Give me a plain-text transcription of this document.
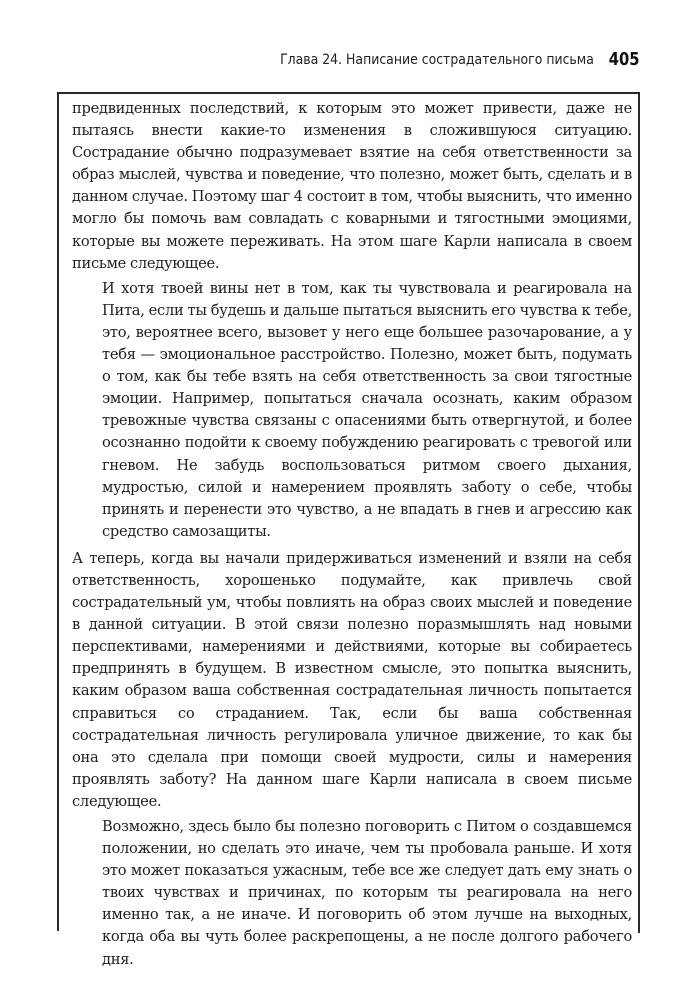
Глава 24. Написание сострадательного письма 405

предвиденных последствий, к которым это может привести, даже не пытаясь внести какие-то изменения в сложившуюся ситуацию. Сострадание обычно подразумевает взятие на себя ответственности за образ мыслей, чувства и поведение, что полезно, может быть, сделать и в данном случае. Поэтому шаг 4 состоит в том, чтобы выяснить, что именно могло бы помочь вам совладать с коварными и тягостными эмоциями, которые вы можете переживать. На этом шаге Карли написала в своем письме следующее.

И хотя твоей вины нет в том, как ты чувствовала и реагировала на Пита, если ты будешь и дальше пытаться выяснить его чувства к тебе, это, вероятнее всего, вызовет у него еще большее разочарование, а у тебя — эмоциональное расстройство. Полезно, может быть, подумать о том, как бы тебе взять на себя ответственность за свои тягостные эмоции. Например, попытаться сначала осознать, каким образом тревожные чувства связаны с опасениями быть отвергнутой, и более осознанно подойти к своему побуждению реагировать с тревогой или гневом. Не забудь воспользоваться ритмом своего дыхания, мудростью, силой и намерением проявлять заботу о себе, чтобы принять и перенести это чувство, а не впадать в гнев и агрессию как средство самозащиты.

А теперь, когда вы начали придерживаться изменений и взяли на себя ответственность, хорошенько подумайте, как привлечь свой сострадательный ум, чтобы повлиять на образ своих мыслей и поведение в данной ситуации. В этой связи полезно поразмышлять над новыми перспективами, намерениями и действиями, которые вы собираетесь предпринять в будущем. В известном смысле, это попытка выяснить, каким образом ваша собственная сострадательная личность попытается справиться со страданием. Так, если бы ваша собственная сострадательная личность регулировала уличное движение, то как бы она это сделала при помощи своей мудрости, силы и намерения проявлять заботу? На данном шаге Карли написала в своем письме следующее.

Возможно, здесь было бы полезно поговорить с Питом о создавшемся положении, но сделать это иначе, чем ты пробовала раньше. И хотя это может показаться ужасным, тебе все же следует дать ему знать о твоих чувствах и причинах, по которым ты реагировала на него именно так, а не иначе. И поговорить об этом лучше на выходных, когда оба вы чуть более раскрепощены, а не после долгого рабочего дня.
